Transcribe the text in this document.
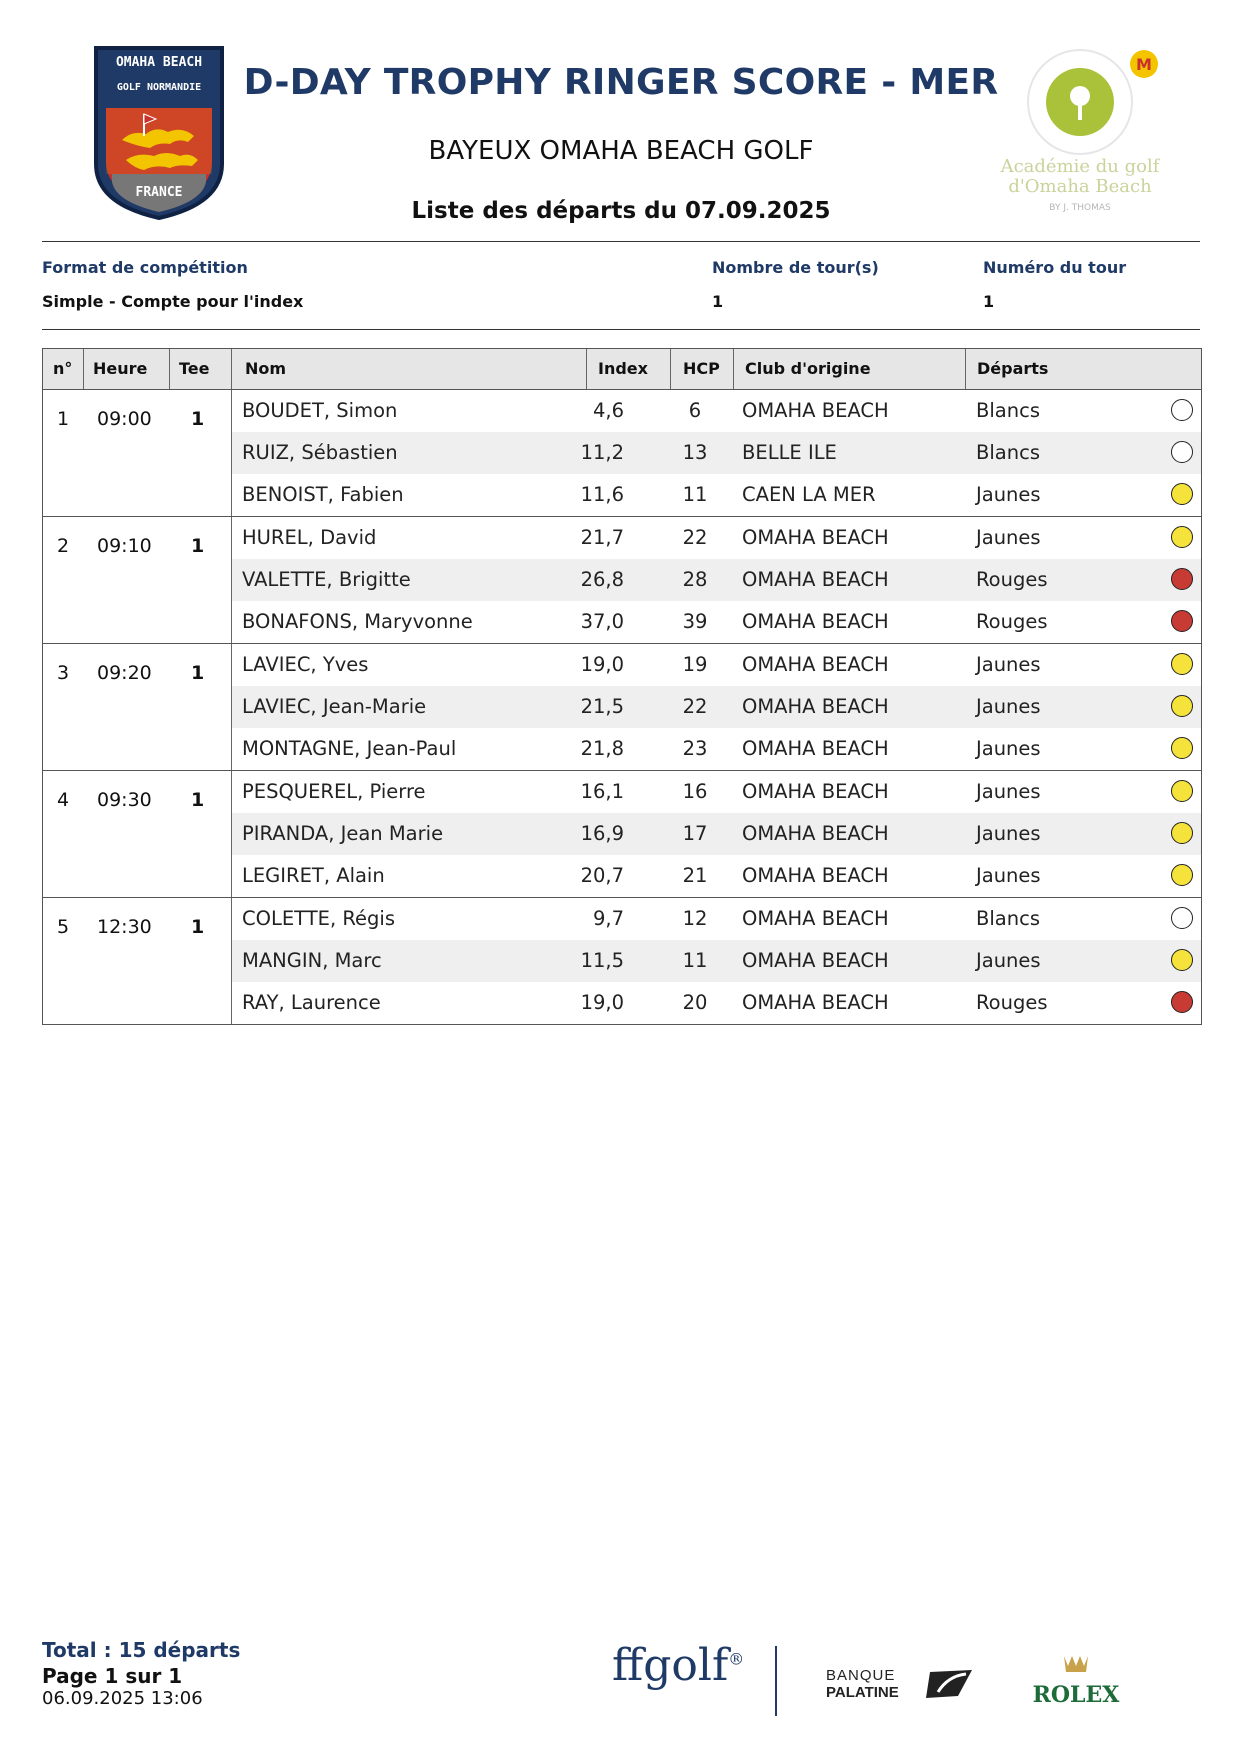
OMAHA BEACH
GOLF NORMANDIE
FRANCE
D-DAY TROPHY RINGER SCORE - MER
BAYEUX OMAHA BEACH GOLF
Liste des départs du 07.09.2025
M
Académie du golf
d'Omaha Beach
BY J. THOMAS
Format de compétition
Simple - Compte pour l'index
Nombre de tour(s)
1
Numéro du tour
1
n° Heure Tee Nom	Index HCP Club d'origine	Départs
1 09:00 1 BOUDET, Simon	4,6	6	OMAHA BEACH	Blancs
RUIZ, Sébastien	11,2	13	BELLE ILE	Blancs
BENOIST, Fabien	11,6	11	CAEN LA MER	Jaunes
2 09:10 1 HUREL, David	21,7	22	OMAHA BEACH	Jaunes
VALETTE, Brigitte	26,8	28	OMAHA BEACH	Rouges
BONAFONS, Maryvonne	37,0	39	OMAHA BEACH	Rouges
3 09:20 1 LAVIEC, Yves	19,0	19	OMAHA BEACH	Jaunes
LAVIEC, Jean-Marie	21,5	22	OMAHA BEACH	Jaunes
MONTAGNE, Jean-Paul	21,8	23	OMAHA BEACH	Jaunes
4 09:30 1 PESQUEREL, Pierre	16,1	16	OMAHA BEACH	Jaunes
PIRANDA, Jean Marie	16,9	17	OMAHA BEACH	Jaunes
LEGIRET, Alain	20,7	21	OMAHA BEACH	Jaunes
5 12:30 1 COLETTE, Régis	9,7	12	OMAHA BEACH	Blancs
MANGIN, Marc	11,5	11	OMAHA BEACH	Jaunes
RAY, Laurence	19,0	20	OMAHA BEACH	Rouges
Total : 15 départs
Page 1 sur 1
06.09.2025 13:06
ffgolf®
BANQUE
PALATINE	ROLEX
